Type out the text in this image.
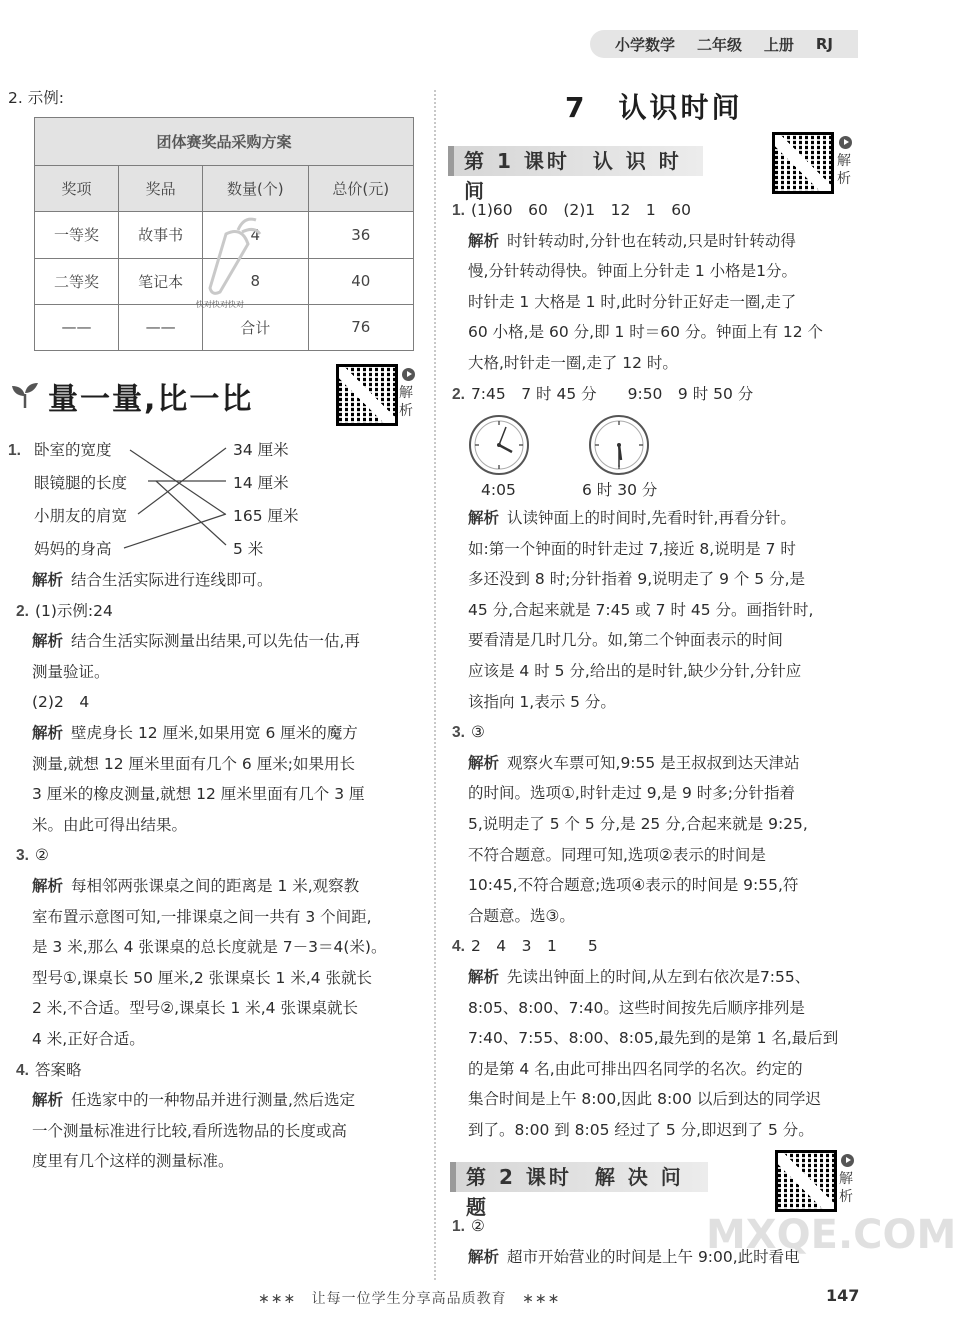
小学数学 二年级 上册 RJ
2. 示例:
团体赛奖品采购方案			
奖项	奖品	数量(个)	总价(元)
一等奖	故事书	4	36
二等奖	笔记本	8	40
——	——	合计	76
快对快对快对
量一量,比一比	解析
1. 卧室的宽度
眼镜腿的长度
小朋友的肩宽
妈妈的身高
34 厘米
14 厘米
165 厘米
5 米
解析 结合生活实际进行连线即可。
2. (1)示例:24
解析 结合生活实际测量出结果,可以先估一估,再
测量验证。
(2)2　4
解析 壁虎身长 12 厘米,如果用宽 6 厘米的魔方
测量,就想 12 厘米里面有几个 6 厘米;如果用长
3 厘米的橡皮测量,就想 12 厘米里面有几个 3 厘
米。由此可得出结果。
3. ②
解析 每相邻两张课桌之间的距离是 1 米,观察教
室布置示意图可知,一排课桌之间一共有 3 个间距,
是 3 米,那么 4 张课桌的总长度就是 7－3＝4(米)。
型号①,课桌长 50 厘米,2 张课桌长 1 米,4 张就长
2 米,不合适。型号②,课桌长 1 米,4 张课桌就长
4 米,正好合适。
4. 答案略
解析 任选家中的一种物品并进行测量,然后选定
一个测量标准进行比较,看所选物品的长度或高
度里有几个这样的测量标准。
7　认识时间
第 1 课时　认 识 时 间
解析
1. (1)60　60　(2)1　12　1　60
解析 时针转动时,分针也在转动,只是时针转动得
慢,分针转动得快。钟面上分针走 1 小格是1分。
时针走 1 大格是 1 时,此时分针正好走一圈,走了
60 小格,是 60 分,即 1 时＝60 分。钟面上有 12 个
大格,时针走一圈,走了 12 时。
2. 7:45　7 时 45 分　　9:50　9 时 50 分
4:05	6 时 30 分
解析 认读钟面上的时间时,先看时针,再看分针。
如:第一个钟面的时针走过 7,接近 8,说明是 7 时
多还没到 8 时;分针指着 9,说明走了 9 个 5 分,是
45 分,合起来就是 7:45 或 7 时 45 分。画指针时,
要看清是几时几分。如,第二个钟面表示的时间
应该是 4 时 5 分,给出的是时针,缺少分针,分针应
该指向 1,表示 5 分。
3. ③
解析 观察火车票可知,9:55 是王叔叔到达天津站
的时间。选项①,时针走过 9,是 9 时多;分针指着
5,说明走了 5 个 5 分,是 25 分,合起来就是 9:25,
不符合题意。同理可知,选项②表示的时间是
10:45,不符合题意;选项④表示的时间是 9:55,符
合题意。选③。
4. 2　4　3　1　　5
解析 先读出钟面上的时间,从左到右依次是7:55、
8:05、8:00、7:40。这些时间按先后顺序排列是
7:40、7:55、8:00、8:05,最先到的是第 1 名,最后到
的是第 4 名,由此可排出四名同学的名次。约定的
集合时间是上午 8:00,因此 8:00 以后到达的同学迟
到了。8:00 到 8:05 经过了 5 分,即迟到了 5 分。
第 2 课时　解 决 问 题
解析
1. ②
解析 超市开始营业的时间是上午 9:00,此时看电
∗∗∗ 让每一位学生分享高品质教育 ∗∗∗	147
MXQE.COM
